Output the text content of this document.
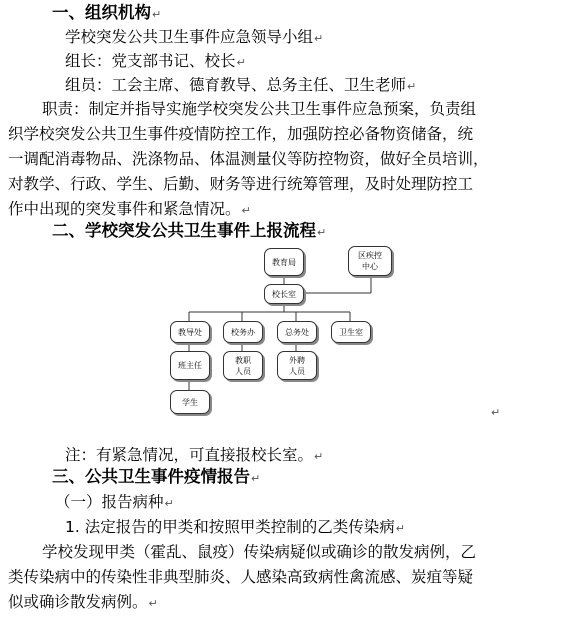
一、组织机构↵
学校突发公共卫生事件应急领导小组↵
组长：党支部书记、校长↵
组员：工会主席、德育教导、总务主任、卫生老师↵
职责：制定并指导实施学校突发公共卫生事件应急预案，负责组
织学校突发公共卫生事件疫情防控工作，加强防控必备物资储备，统
一调配消毒物品、洗涤物品、体温测量仪等防控物资，做好全员培训，
对教学、行政、学生、后勤、财务等进行统筹管理，及时处理防控工
作中出现的突发事件和紧急情况。↵
二、学校突发公共卫生事件上报流程↵
教育局
区疾控
中心
校长室
教导处	校务办	总务处	卫生室
班主任
教职
人员
外聘
人员
学生
↵
注：有紧急情况，可直接报校长室。↵
三、公共卫生事件疫情报告↵
（一）报告病种↵
1. 法定报告的甲类和按照甲类控制的乙类传染病↵
学校发现甲类（霍乱、鼠疫）传染病疑似或确诊的散发病例，乙
类传染病中的传染性非典型肺炎、人感染高致病性禽流感、炭疽等疑
似或确诊散发病例。↵
